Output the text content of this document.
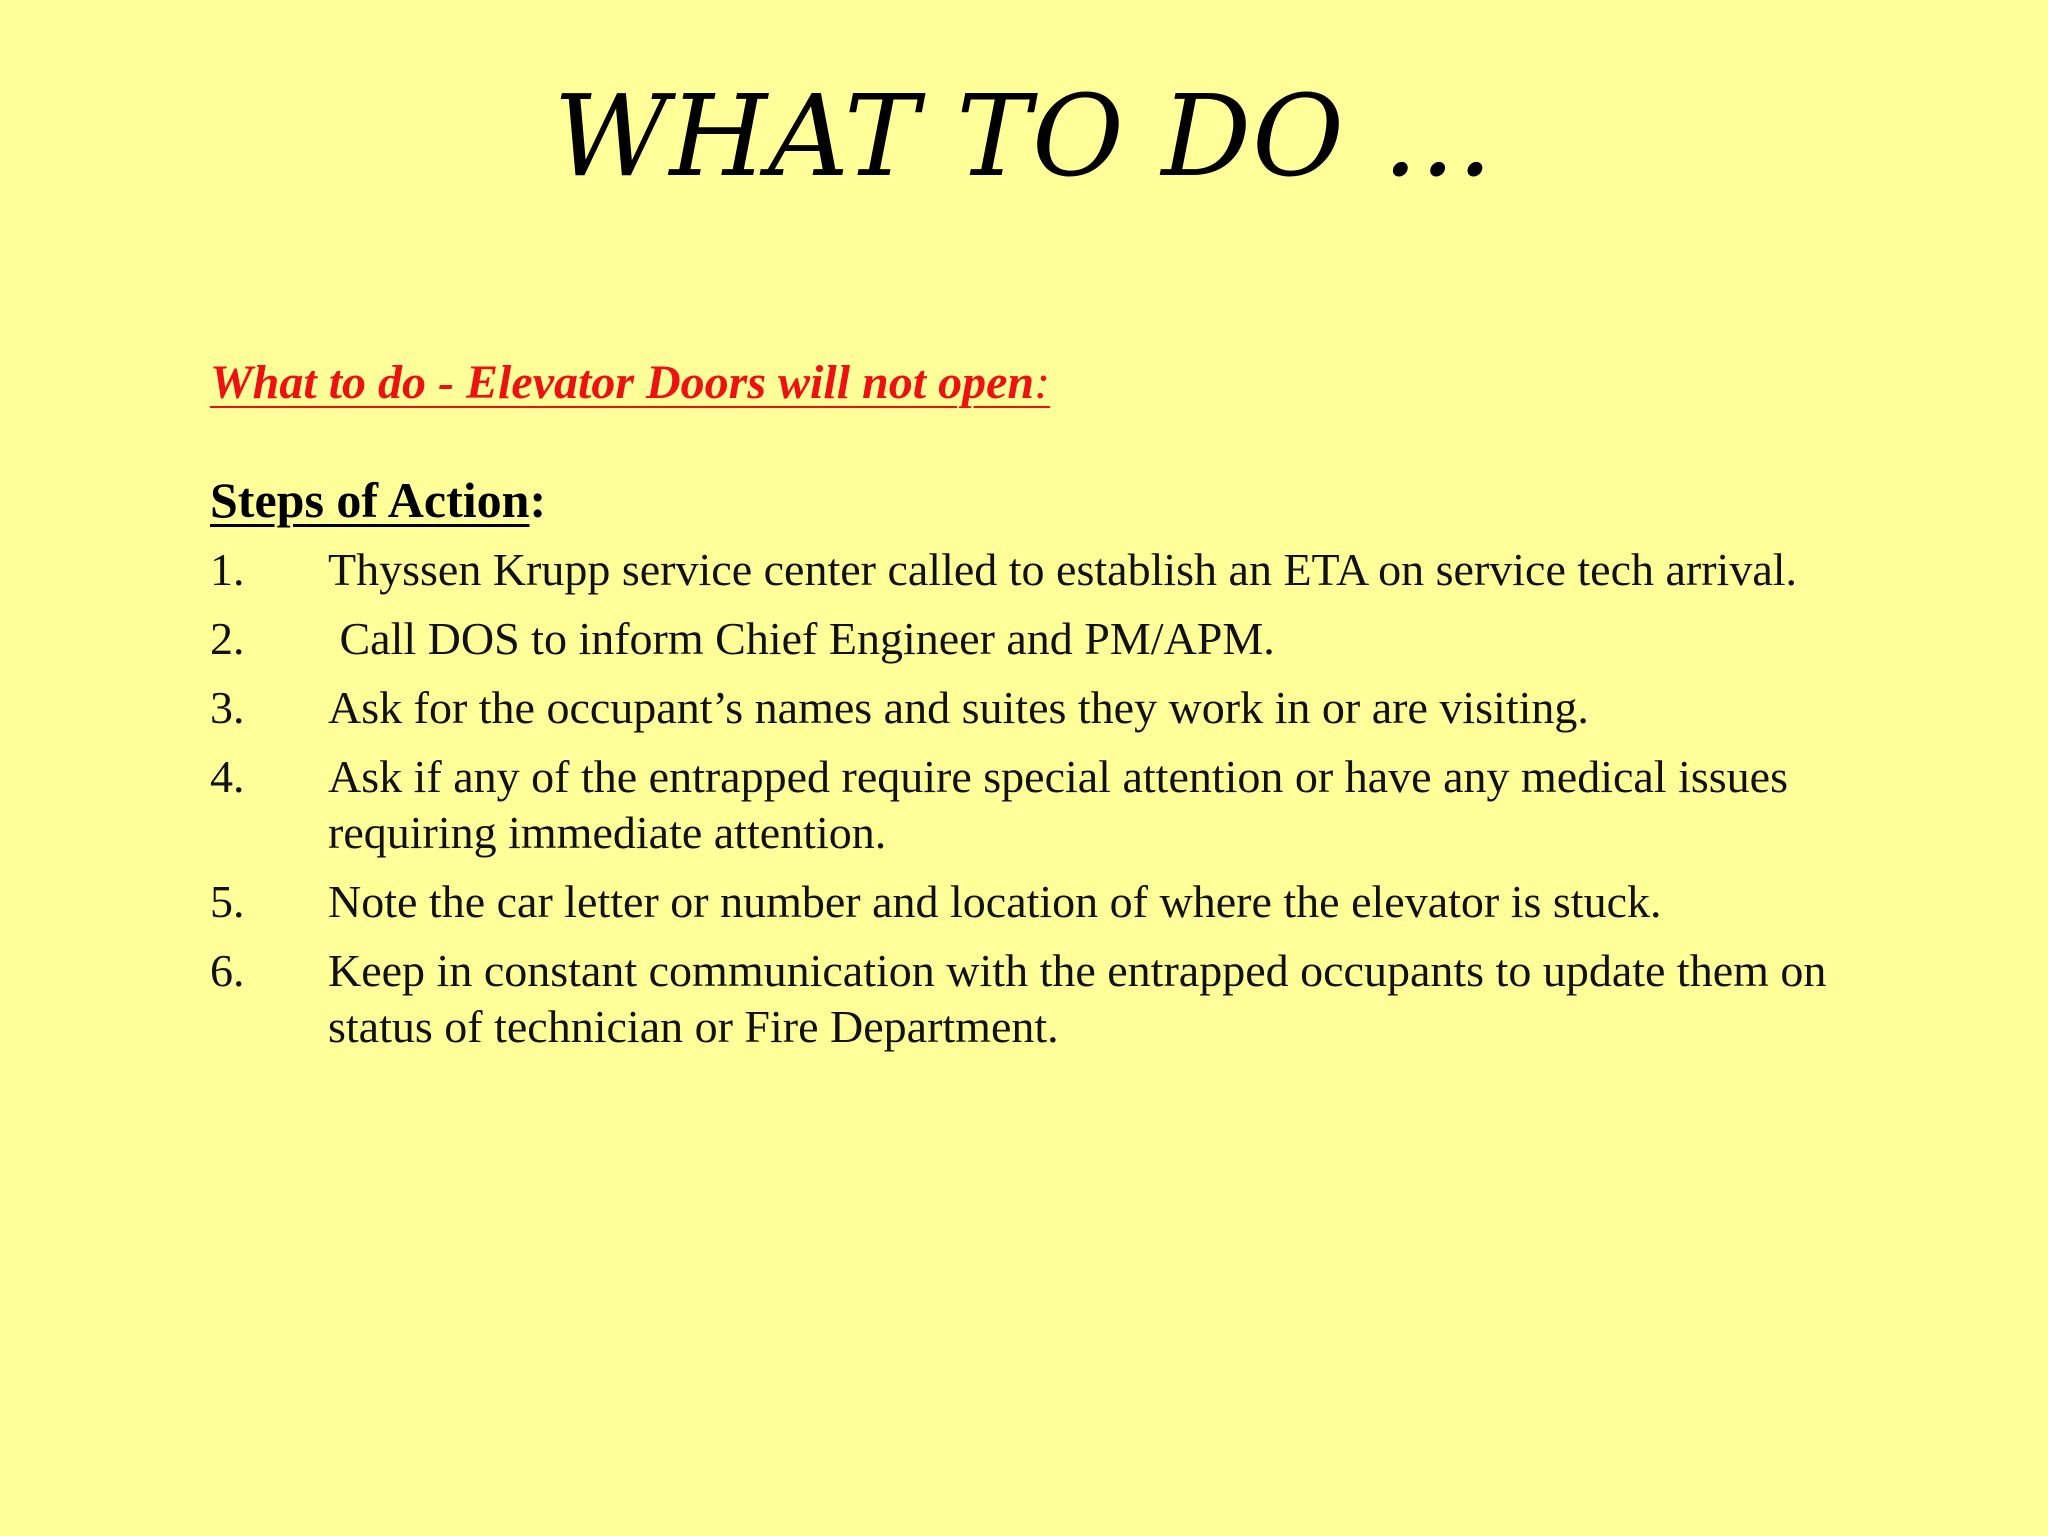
WHAT TO DO …
What to do - Elevator Doors will not open:
Steps of Action:
1.	Thyssen Krupp service center called to establish an ETA on service tech arrival.
2.	Call DOS to inform Chief Engineer and PM/APM.
3.	Ask for the occupant’s names and suites they work in or are visiting.
4.	Ask if any of the entrapped require special attention or have any medical issues requiring immediate attention.
5.	Note the car letter or number and location of where the elevator is stuck.
6.	Keep in constant communication with the entrapped occupants to update them on status of technician or Fire Department.
